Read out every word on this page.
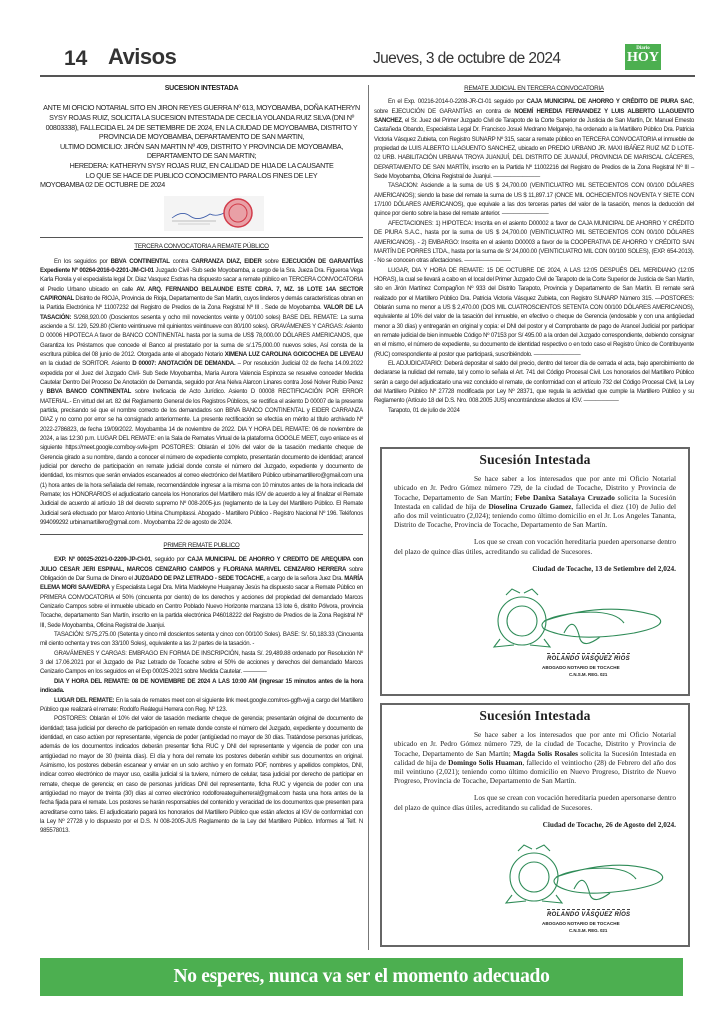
14 Avisos	Jueves, 3 de octubre de 2024
Diario
HOY
SUCESION INTESTADA
ANTE MI OFICIO NOTARIAL SITO EN JIRON REYES GUERRA Nº 613, MOYOBAMBA, DOÑA KATHERYN SYSY ROJAS RUIZ, SOLICITA LA SUCESION INTESTADA DE CECILIA YOLANDA RUIZ SILVA (DNI Nº 00803338), FALLECIDA EL 24 DE SETIEMBRE DE 2024, EN LA CIUDAD DE MOYOBAMBA, DISTRITO Y PROVINCIA DE MOYOBAMBA, DEPARTAMENTO DE SAN MARTIN,
ULTIMO DOMICILIO: JIRÓN SAN MARTIN Nº 409, DISTRITO Y PROVINCIA DE MOYOBAMBA, DEPARTAMENTO DE SAN MARTIN;
HEREDERA: KATHERYN SYSY ROJAS RUIZ, EN CALIDAD DE HIJA DE LA CAUSANTE
LO QUE SE HACE DE PUBLICO CONOCIMIENTO PARA LOS FINES DE LEY
MOYOBAMBA 02 DE OCTUBRE DE 2024
TERCERA CONVOCATORIA A REMATE PÚBLICO

En los seguidos por BBVA CONTINENTAL contra CARRANZA DIAZ, EIDER sobre EJECUCIÓN DE GARANTÍAS Expediente Nº 00264-2016-0-2201-JM-CI-01 Juzgado Civil -Sub sede Moyobamba, a cargo de la Sra. Jueza Dra. Figueroa Vega Karla Florela y el especialista legal Dr. Diaz Vasquez Esdras ha dispuesto sacar a remate público en TERCERA CONVOCATORIA el Predio Urbano ubicado en calle AV. ARQ. FERNANDO BELAUNDE ESTE CDRA. 7, MZ. 16 LOTE 14A SECTOR CAPIRONAL Distrito de RIOJA, Provincia de Rioja, Departamento de San Martin, cuyos linderos y demás características obran en la Partida Electrónica Nº 11007232 del Registro de Predios de la Zona Registral Nº III . Sede de Moyobamba. VALOR DE LA TASACIÓN: S/268,920.00 (Doscientos sesenta y ocho mil novecientos veinte y 00/100 soles) BASE DEL REMATE: La suma asciende a S/. 129, 529.80 (Ciento veintinueve mil quinientos veintinueve con 80/100 soles). GRAVÁMENES Y CARGAS: Asiento D 00006 HIPOTECA A favor de BANCO CONTINENTAL hasta por la suma de US$ 78,000.00 DÓLARES AMERICANOS, que Garantiza los Préstamos que concede el Banco al prestatario por la suma de s/.175,000.00 nuevos soles, Así consta de la escritura pública del 08 junio de 2012. Otorgada ante el abogado Notario XIMENA LUZ CAROLINA GOICOCHEA DE LEVEAU en la ciudad de SORITOR. Asiento D 00007: ANOTACIÓN DE DEMANDA. – Por resolución Judicial 02 de fecha 14.09.2022 expedida por el Juez del Juzgado Civil- Sub Sede Moyobamba, María Aurora Valencia Espinoza se resuelve conceder Medida Cautelar Dentro Del Proceso De Anotación de Demanda, seguido por Ana Nelva Alarcon Linares contra José Nolver Rubio Perez y BBVA BANCO CONTINENTAL sobre Ineficacia de Acto Jurídico. Asiento D 00008 RECTIFICACIÓN POR ERROR MATERIAL.- En virtud del art. 82 del Reglamento General de los Registros Públicos, se rectifica el asiento D 00007 de la presente partida, precisando sé que el nombre correcto de los demandados son BBVA BANCO CONTINENTAL y EIDER CARRANZA DIAZ y no como por error se ha consignado anteriormente. La presente rectificación se efectúa en mérito al título archivado Nº 2022-2786823, de fecha 19/09/2022. Moyobamba 14 de noviembre de 2022. DIA Y HORA DEL REMATE: 06 de noviembre de 2024, a las 12:30 p.m. LUGAR DEL REMATE: en la Sala de Remates Virtual de la plataforma GOOGLE MEET, cuyo enlace es el siguiente https://meet.google.com/boy-svfe-jpm POSTORES: Oblarán el 10% del valor de la tasación mediante cheque de Gerencia girado a su nombre, dando a conocer el número de expediente completo, presentarán documento de identidad; arancel judicial por derecho de participación en remate judicial donde conste el número del Juzgado, expediente y documento de identidad, los mismos que serán enviados escaneados al correo electrónico del Martillero Público urbinamartillero@gmail.com una (1) hora antes de la hora señalada del remate, recomendándole ingresar a la misma con 10 minutos antes de la hora indicada del Remate; los HONORARIOS el adjudicatario cancela los Honorarios del Martillero más IGV de acuerdo a ley al finalizar el Remate Judicial de acuerdo al artículo 18 del decreto supremo Nº 008-2005-jus (reglamento de la Ley del Martillero Público. El Remate Judicial será efectuado por Marco Antonio Urbina Chumpitassi. Abogado - Martillero Público - Registro Nacional Nº 196. Teléfonos 994099292 urbinamartillero@gmail.com . Moyobamba 22 de agosto de 2024.

PRIMER REMATE PUBLICO

EXP. Nº 00025-2021-0-2209-JP-CI-01, seguido por CAJA MUNICIPAL DE AHORRO Y CREDITO DE AREQUIPA con JULIO CESAR JERI ESPINAL, MARCOS CENIZARIO CAMPOS y FLORIANA MARIVEL CENIZARIO HERRERA sobre Obligación de Dar Suma de Dinero el JUZGADO DE PAZ LETRADO - SEDE TOCACHE, a cargo de la señora Juez Dra. MARÍA ELEMA MORI SAAVEDRA y Especialista Legal Dra. Mirta Madeleyne Huayanay Jesús ha dispuesto sacar a Remate Público en PRIMERA CONVOCATORIA el 50% (cincuenta por ciento) de los derechos y acciones del propiedad del demandado Marcos Cenizario Campos sobre el inmueble ubicado en Centro Poblado Nuevo Horizonte manzana 13 lote 6, distrito Pólvora, provincia Tocache, departamento San Martín, inscrito en la partida electrónica P46018222 del Registro de Predios de la Zona Registral Nº III, Sede Moyobamba, Oficina Registral de Juanjui.

TASACIÓN: S/75,275.00 (Setenta y cinco mil doscientos setenta y cinco con 00/100 Soles). BASE: S/. 50,183.33 (Cincuenta mil ciento ochenta y tres con 33/100 Soles), equivalente a las 2/ partes de la tasación. -

GRAVÁMENES Y CARGAS: EMBRAGO EN FORMA DE INSCRIPCIÓN, hasta S/. 29,489.88 ordenado por Resolución Nº 3 del 17.06.2021 por el Juzgado de Paz Letrado de Tocache sobre el 50% de acciones y derechos del demandado Marcos Cenizario Campos en los seguidos en el Exp 00025-2021 sobre Medida Cautelar. ————

DIA Y HORA DEL REMATE: 08 DE NOVIEMBRE DE 2024 A LAS 10:00 AM (ingresar 15 minutos antes de la hora indicada.

LUGAR DEL REMATE: En la sala de remates meet con el siguiente link meet.google.com/nxs-ggfh-wjj a cargo del Martillero Público que realizará el remate: Rodolfo Reátegui Herrera con Reg. Nº 123.

POSTORES: Oblarán el 10% del valor de tasación mediante cheque de gerencia; presentarán original de documento de identidad; tasa judicial por derecho de participación en remate donde conste el número del Juzgado, expediente y documento de identidad, en caso actúen por representante, vigencia de poder (antigüedad no mayor de 30 días. Tratándose personas jurídicas, además de los documentos indicados deberán presentar ficha RUC y DNI del representante y vigencia de poder con una antigüedad no mayor de 30 (treinta días). El día y hora del remate los postores deberán exhibir sus documentos en original. Asimismo, los postores deberán escanear y enviar en un solo archivo y en formato PDF, nombres y apellidos completos, DNI, indicar correo electrónico de mayor uso, casilla judicial si la tuviere, número de celular, tasa judicial por derecho de participar en remate, cheque de gerencia; en caso de personas jurídicas DNI del representante, ficha RUC y vigencia de poder con una antigüedad no mayor de treinta (30) días al correo electrónico rodolforeateguiherreral@gmail.com hasta una hora antes de la fecha fijada para el remate. Los postores se harán responsables del contenido y veracidad de los documentos que presenten para acreditarse como tales. El adjudicatario pagará los honorarios del Martillero Público que están afectos al IGV de conformidad con la Ley Nº 27728 y lo dispuesto por el D.S. N 008-2005-JUS Reglamento de la Ley del Martillero Público. Informes al Telf. N 985578013.

REMATE JUDICIAL EN TERCERA CONVOCATORIA

En el Exp. 00216-2014-0-2208-JR-CI-01 seguido por CAJA MUNICIPAL DE AHORRO Y CRÉDITO DE PIURA SAC, sobre EJECUCIÓN DE GARANTÍAS en contra de NOEMÍ HEREDIA FERNANDEZ Y LUIS ALBERTO LLAGUENTO SANCHEZ, el Sr. Juez del Primer Juzgado Civil de Tarapoto de la Corte Superior de Justicia de San Martín, Dr. Manuel Ernesto Castañeda Obando, Especialista Legal Dr. Francisco Josué Medrano Melgarejo, ha ordenado a la Martillero Público Dra. Patricia Victoria Vásquez Zubieta, con Registro SUNARP Nº 315, sacar a remate público en TERCERA CONVOCATORIA el inmueble de propiedad de LUIS ALBERTO LLAGUENTO SANCHEZ, ubicado en PREDIO URBANO JR. MAXI IBÁÑEZ RUIZ MZ D LOTE-02 URB. HABILITACIÓN URBANA TROYA JUANJUÍ, DEL DISTRITO DE JUANJUÍ, PROVINCIA DE MARISCAL CÁCERES, DEPARTAMENTO DE SAN MARTÍN, inscrito en la Partida Nº 11002216 del Registro de Predios de la Zona Registral Nº III – Sede Moyobamba, Oficina Registral de Juanjui. ————————

TASACION: Asciende a la suma de US $ 24,700.00 (VEINTICUATRO MIL SETECIENTOS CON 00/100 DÓLARES AMERICANOS); siendo la base del remate la suma de US $ 11,897.17 (ONCE MIL OCHECIENTOS NOVENTA Y SIETE CON 17/100 DÓLARES AMERICANOS), que equivale a las dos terceras partes del valor de la tasación, menos la deducción del quince por ciento sobre la base del remate anterior. ————————

AFECTACIONES: 1) HIPOTECA: Inscrita en el asiento D00002 a favor de CAJA MUNICIPAL DE AHORRO Y CRÉDITO DE PIURA S.A.C., hasta por la suma de US $ 24,700.00 (VEINTICUATRO MIL SETECIENTOS CON 00/100 DÓLARES AMERICANOS). - 2) EMBARGO: Inscrita en el asiento D00003 a favor de la COOPERATIVA DE AHORRO Y CRÉDITO SAN MARTÍN DE PORRES LTDA., hasta por la suma de S/ 24,000.00 (VEINTICUATRO MIL CON 00/100 SOLES), (EXP. 654-2013). - No se conocen otras afectaciones. ————————

LUGAR, DIA Y HORA DE REMATE: 15 DE OCTUBRE DE 2024, A LAS 12:05 DESPUÉS DEL MERIDIANO (12:05 HORAS), la cual se llevará a cabo en el local del Primer Juzgado Civil de Tarapoto de la Corte Superior de Justicia de San Martín, sito en Jirón Martínez Compagñon Nº 933 del Distrito Tarapoto, Provincia y Departamento de San Martín. El remate será realizado por el Martillero Público Dra. Patricia Victoria Vásquez Zubieta, con Registro SUNARP Número 315. —POSTORES: Oblarán suma no menor a US $ 2,470.00 (DOS MIL CUATROSCIENTOS SETENTA CON 00/100 DÓLARES AMERICANOS), equivalente al 10% del valor de la tasación del inmueble, en efectivo o cheque de Gerencia (endosable y con una antigüedad menor a 30 días) y entregarán en original y copia: el DNI del postor y el Comprobante de pago de Arancel Judicial por participar en remate judicial de bien inmueble Código Nº 07153 por S/ 495.00 a la orden del Juzgado correspondiente, debiendo consignar en el mismo, el número de expediente, su documento de identidad respectivo o en todo caso el Registro Único de Contribuyente (RUC) correspondiente al postor que participará, suscribiéndolo. ————————

EL ADJUDICATARIO: Deberá depositar el saldo del precio, dentro del tercer día de cerrada el acta, bajo apercibimiento de declararse la nulidad del remate, tal y como lo señala el Art. 741 del Código Procesal Civil. Los honorarios del Martillero Público serán a cargo del adjudicatario una vez concluido el remate, de conformidad con el artículo 732 del Código Procesal Civil, la Ley del Martillero Público Nº 27728 modificada por Ley Nº 28371, que regula la actividad que cumple la Martillero Público y su Reglamento (Artículo 18 del D.S. Nro. 008.2005 JUS) encontrándose afectos al IGV. ——————

Tarapoto, 01 de julio de 2024

Sucesión Intestada

Se hace saber a los interesados que por ante mi Oficio Notarial ubicado en Jr. Pedro Gómez número 729, de la ciudad de Tocache, Distrito y Provincia de Tocache, Departamento de San Martín; Febe Danixa Satalaya Cruzado solicita la Sucesión Intestada en calidad de hija de Dioselina Cruzado Gamez, fallecida el diez (10) de Julio del año dos mil veinticuatro (2,024); teniendo como último domicilio en el Jr. Los Angeles Tananta, Distrito de Tocache, Provincia de Tocache, Departamento de San Martín.

Los que se crean con vocación hereditaria pueden apersonarse dentro del plazo de quince días útiles, acreditando su calidad de Sucesores.

Ciudad de Tocache, 13 de Setiembre del 2,024.

ROLANDO VASQUEZ RIOS
ABOGADO NOTARIO DE TOCACHE
C.N.S.M. REG. 021
Sucesión Intestada

Se hace saber a los interesados que por ante mi Oficio Notarial ubicado en Jr. Pedro Gómez número 729, de la ciudad de Tocache, Distrito y Provincia de Tocache, Departamento de San Martín; Magda Solis Rosales solicita la Sucesión Intestada en calidad de hija de Domingo Solis Huaman, fallecido el veintiocho (28) de Febrero del año dos mil veintiuno (2,021); teniendo como último domicilio en Nuevo Progreso, Distrito de Nuevo Progreso, Provincia de Tocache, Departamento de San Martín.

Los que se crean con vocación hereditaria pueden apersonarse dentro del plazo de quince días útiles, acreditando su calidad de Sucesores.

Ciudad de Tocache, 26 de Agosto del 2,024.

ROLANDO VÁSQUEZ RÍOS
ABOGADO NOTARIO DE TOCACHE
C.N.S.M. REG. 021
No esperes, nunca va ser el momento adecuado
